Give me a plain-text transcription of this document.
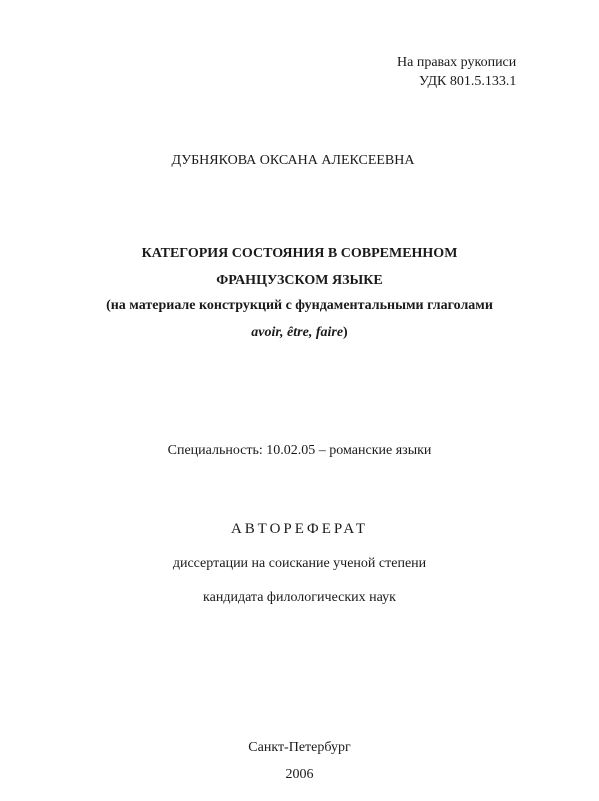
На правах рукописи
УДК 801.5.133.1
ДУБНЯКОВА ОКСАНА АЛЕКСЕЕВНА
КАТЕГОРИЯ СОСТОЯНИЯ В СОВРЕМЕННОМ
ФРАНЦУЗСКОМ ЯЗЫКЕ
(на материале конструкций с фундаментальными глаголами
avoir, être, faire)
Специальность: 10.02.05 – романские языки
АВТОРЕФЕРАТ
диссертации на соискание ученой степени
кандидата филологических наук
Санкт-Петербург
2006
